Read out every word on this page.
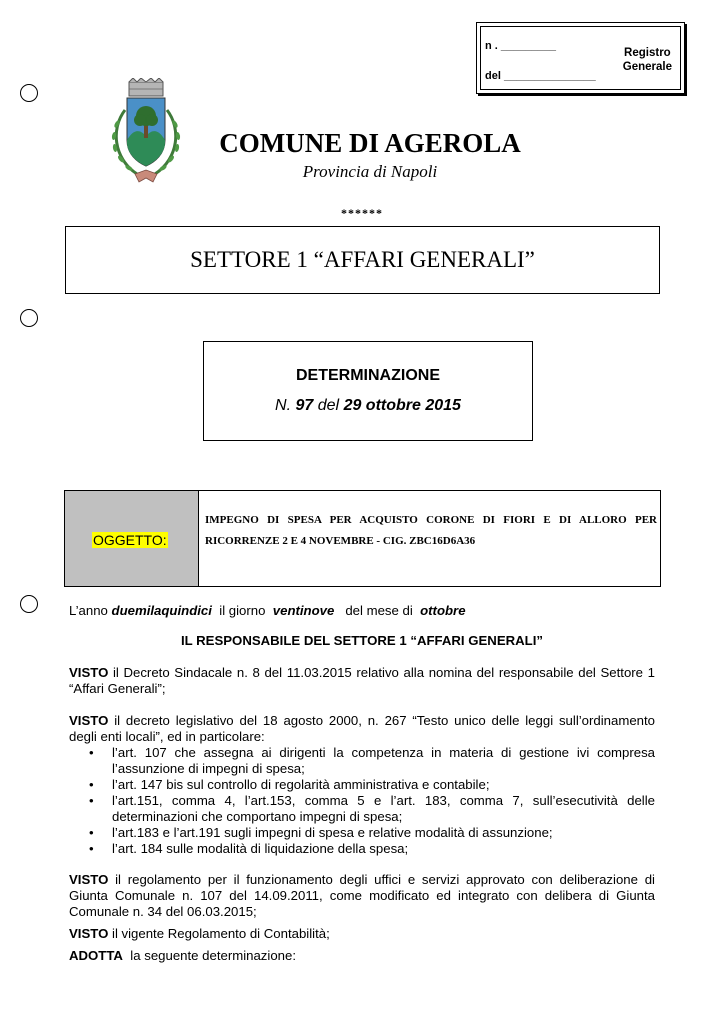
n . _________
del _______________
Registro
Generale
COMUNE DI AGEROLA
Provincia di Napoli
******
SETTORE 1 “AFFARI GENERALI”
DETERMINAZIONE
N. 97 del 29 ottobre 2015
OGGETTO:
IMPEGNO DI SPESA PER ACQUISTO CORONE DI FIORI E DI ALLORO PER RICORRENZE 2 E 4 NOVEMBRE - CIG. ZBC16D6A36
L’anno duemilaquindici  il giorno  ventinove   del mese di  ottobre
IL RESPONSABILE DEL SETTORE 1 “AFFARI GENERALI”
VISTO il Decreto Sindacale n. 8 del 11.03.2015 relativo alla nomina del responsabile del Settore 1 “Affari Generali”;
VISTO il decreto legislativo del 18 agosto 2000, n. 267 “Testo unico delle leggi sull’ordinamento degli enti locali”, ed in particolare:
• l’art. 107 che assegna ai dirigenti la competenza in materia di gestione ivi compresa l’assunzione di impegni di spesa;
• l’art. 147 bis sul controllo di regolarità amministrativa e contabile;
• l’art.151, comma 4, l’art.153, comma 5 e l’art. 183, comma 7, sull’esecutività delle determinazioni che comportano impegni di spesa;
• l’art.183 e l’art.191 sugli impegni di spesa e relative modalità di assunzione;
• l’art. 184 sulle modalità di liquidazione della spesa;
VISTO il regolamento per il funzionamento degli uffici e servizi approvato con deliberazione di Giunta Comunale n. 107 del 14.09.2011, come modificato ed integrato con delibera di Giunta Comunale n. 34 del 06.03.2015;
VISTO il vigente Regolamento di Contabilità;
ADOTTA  la seguente determinazione:
